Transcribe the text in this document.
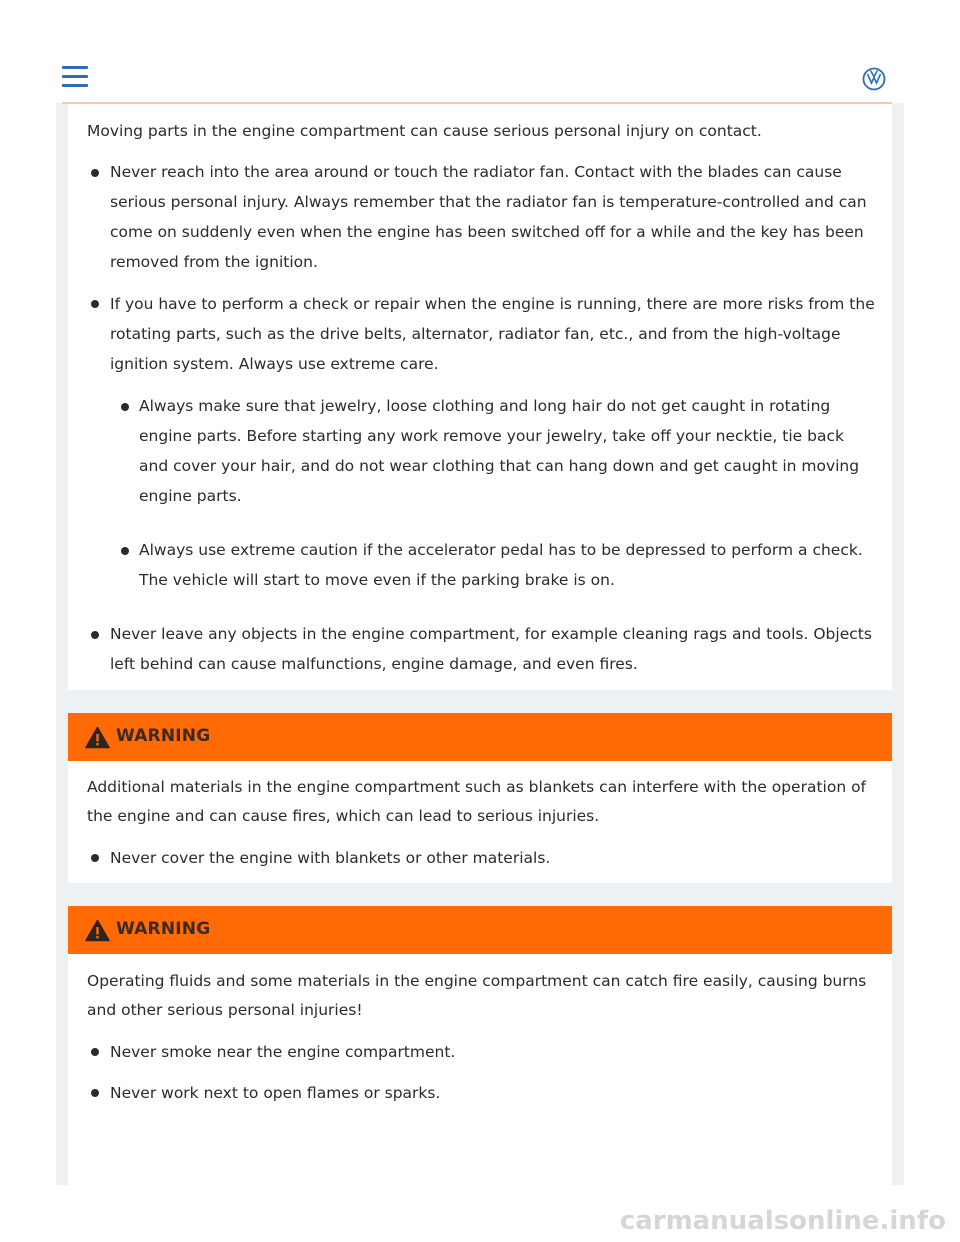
Moving parts in the engine compartment can cause serious personal injury on contact.
Never reach into the area around or touch the radiator fan. Contact with the blades can cause serious personal injury. Always remember that the radiator fan is temperature-controlled and can come on suddenly even when the engine has been switched off for a while and the key has been removed from the ignition.
If you have to perform a check or repair when the engine is running, there are more risks from the rotating parts, such as the drive belts, alternator, radiator fan, etc., and from the high-voltage ignition system. Always use extreme care.
Always make sure that jewelry, loose clothing and long hair do not get caught in rotating engine parts. Before starting any work remove your jewelry, take off your necktie, tie back and cover your hair, and do not wear clothing that can hang down and get caught in moving engine parts.
Always use extreme caution if the accelerator pedal has to be depressed to perform a check. The vehicle will start to move even if the parking brake is on.
Never leave any objects in the engine compartment, for example cleaning rags and tools. Objects left behind can cause malfunctions, engine damage, and even fires.
WARNING
Additional materials in the engine compartment such as blankets can interfere with the operation of the engine and can cause fires, which can lead to serious injuries.
Never cover the engine with blankets or other materials.
WARNING
Operating fluids and some materials in the engine compartment can catch fire easily, causing burns and other serious personal injuries!
Never smoke near the engine compartment.
Never work next to open flames or sparks.
carmanualsonline.info
